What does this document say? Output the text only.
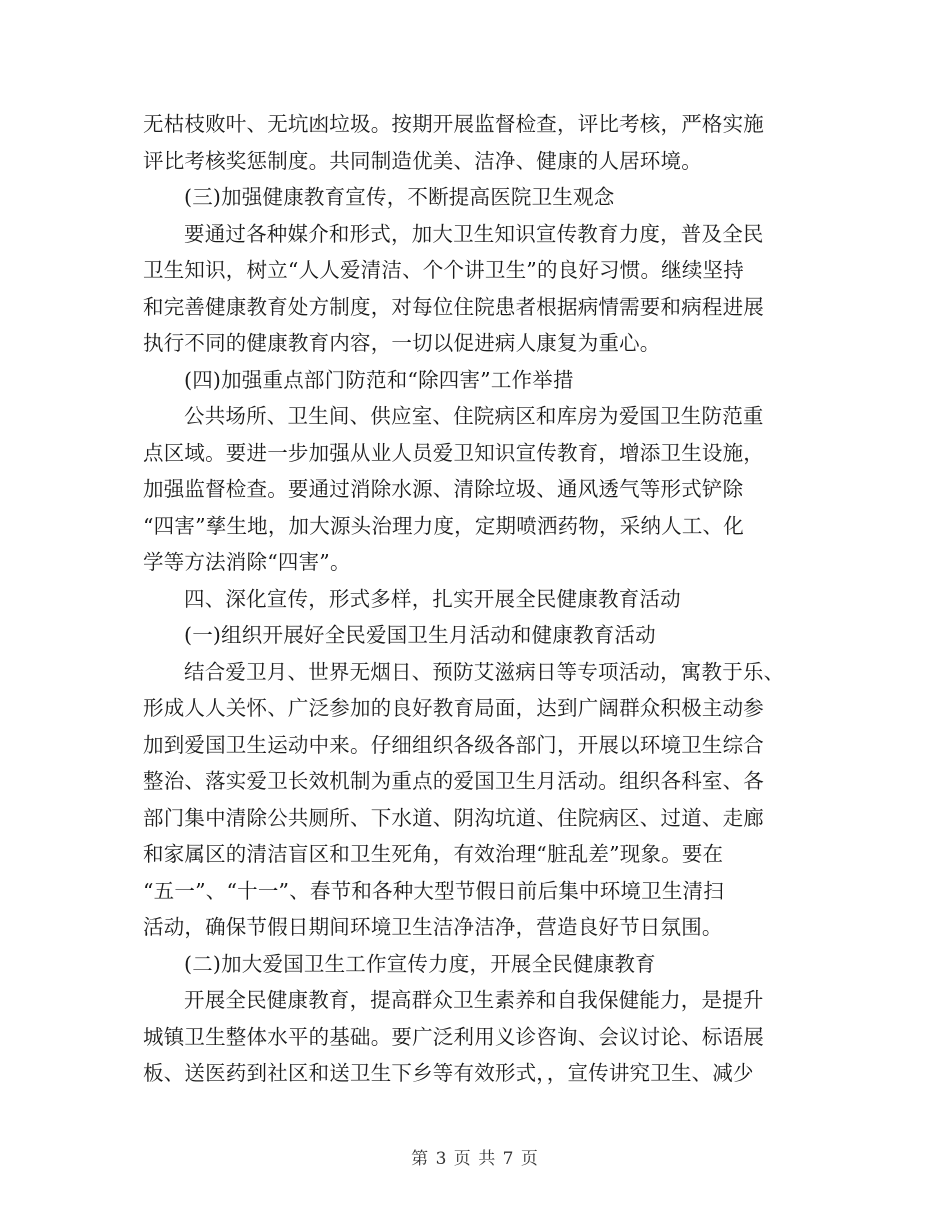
无枯枝败叶、无坑凼垃圾。按期开展监督检查，评比考核，严格实施
评比考核奖惩制度。共同制造优美、洁净、健康的人居环境。
(三)加强健康教育宣传，不断提高医院卫生观念
要通过各种媒介和形式，加大卫生知识宣传教育力度，普及全民
卫生知识，树立“人人爱清洁、个个讲卫生”的良好习惯。继续坚持
和完善健康教育处方制度，对每位住院患者根据病情需要和病程进展
执行不同的健康教育内容，一切以促进病人康复为重心。
(四)加强重点部门防范和“除四害”工作举措
公共场所、卫生间、供应室、住院病区和库房为爱国卫生防范重
点区域。要进一步加强从业人员爱卫知识宣传教育，增添卫生设施，
加强监督检查。要通过消除水源、清除垃圾、通风透气等形式铲除
“四害”孳生地，加大源头治理力度，定期喷洒药物，采纳人工、化
学等方法消除“四害”。
四、深化宣传，形式多样，扎实开展全民健康教育活动
(一)组织开展好全民爱国卫生月活动和健康教育活动
结合爱卫月、世界无烟日、预防艾滋病日等专项活动，寓教于乐、
形成人人关怀、广泛参加的良好教育局面，达到广阔群众积极主动参
加到爱国卫生运动中来。仔细组织各级各部门，开展以环境卫生综合
整治、落实爱卫长效机制为重点的爱国卫生月活动。组织各科室、各
部门集中清除公共厕所、下水道、阴沟坑道、住院病区、过道、走廊
和家属区的清洁盲区和卫生死角，有效治理“脏乱差”现象。要在
“五一”、“十一”、春节和各种大型节假日前后集中环境卫生清扫
活动，确保节假日期间环境卫生洁净洁净，营造良好节日氛围。
(二)加大爱国卫生工作宣传力度，开展全民健康教育
开展全民健康教育，提高群众卫生素养和自我保健能力，是提升
城镇卫生整体水平的基础。要广泛利用义诊咨询、会议讨论、标语展
板、送医药到社区和送卫生下乡等有效形式，，宣传讲究卫生、减少
第 3 页 共 7 页
